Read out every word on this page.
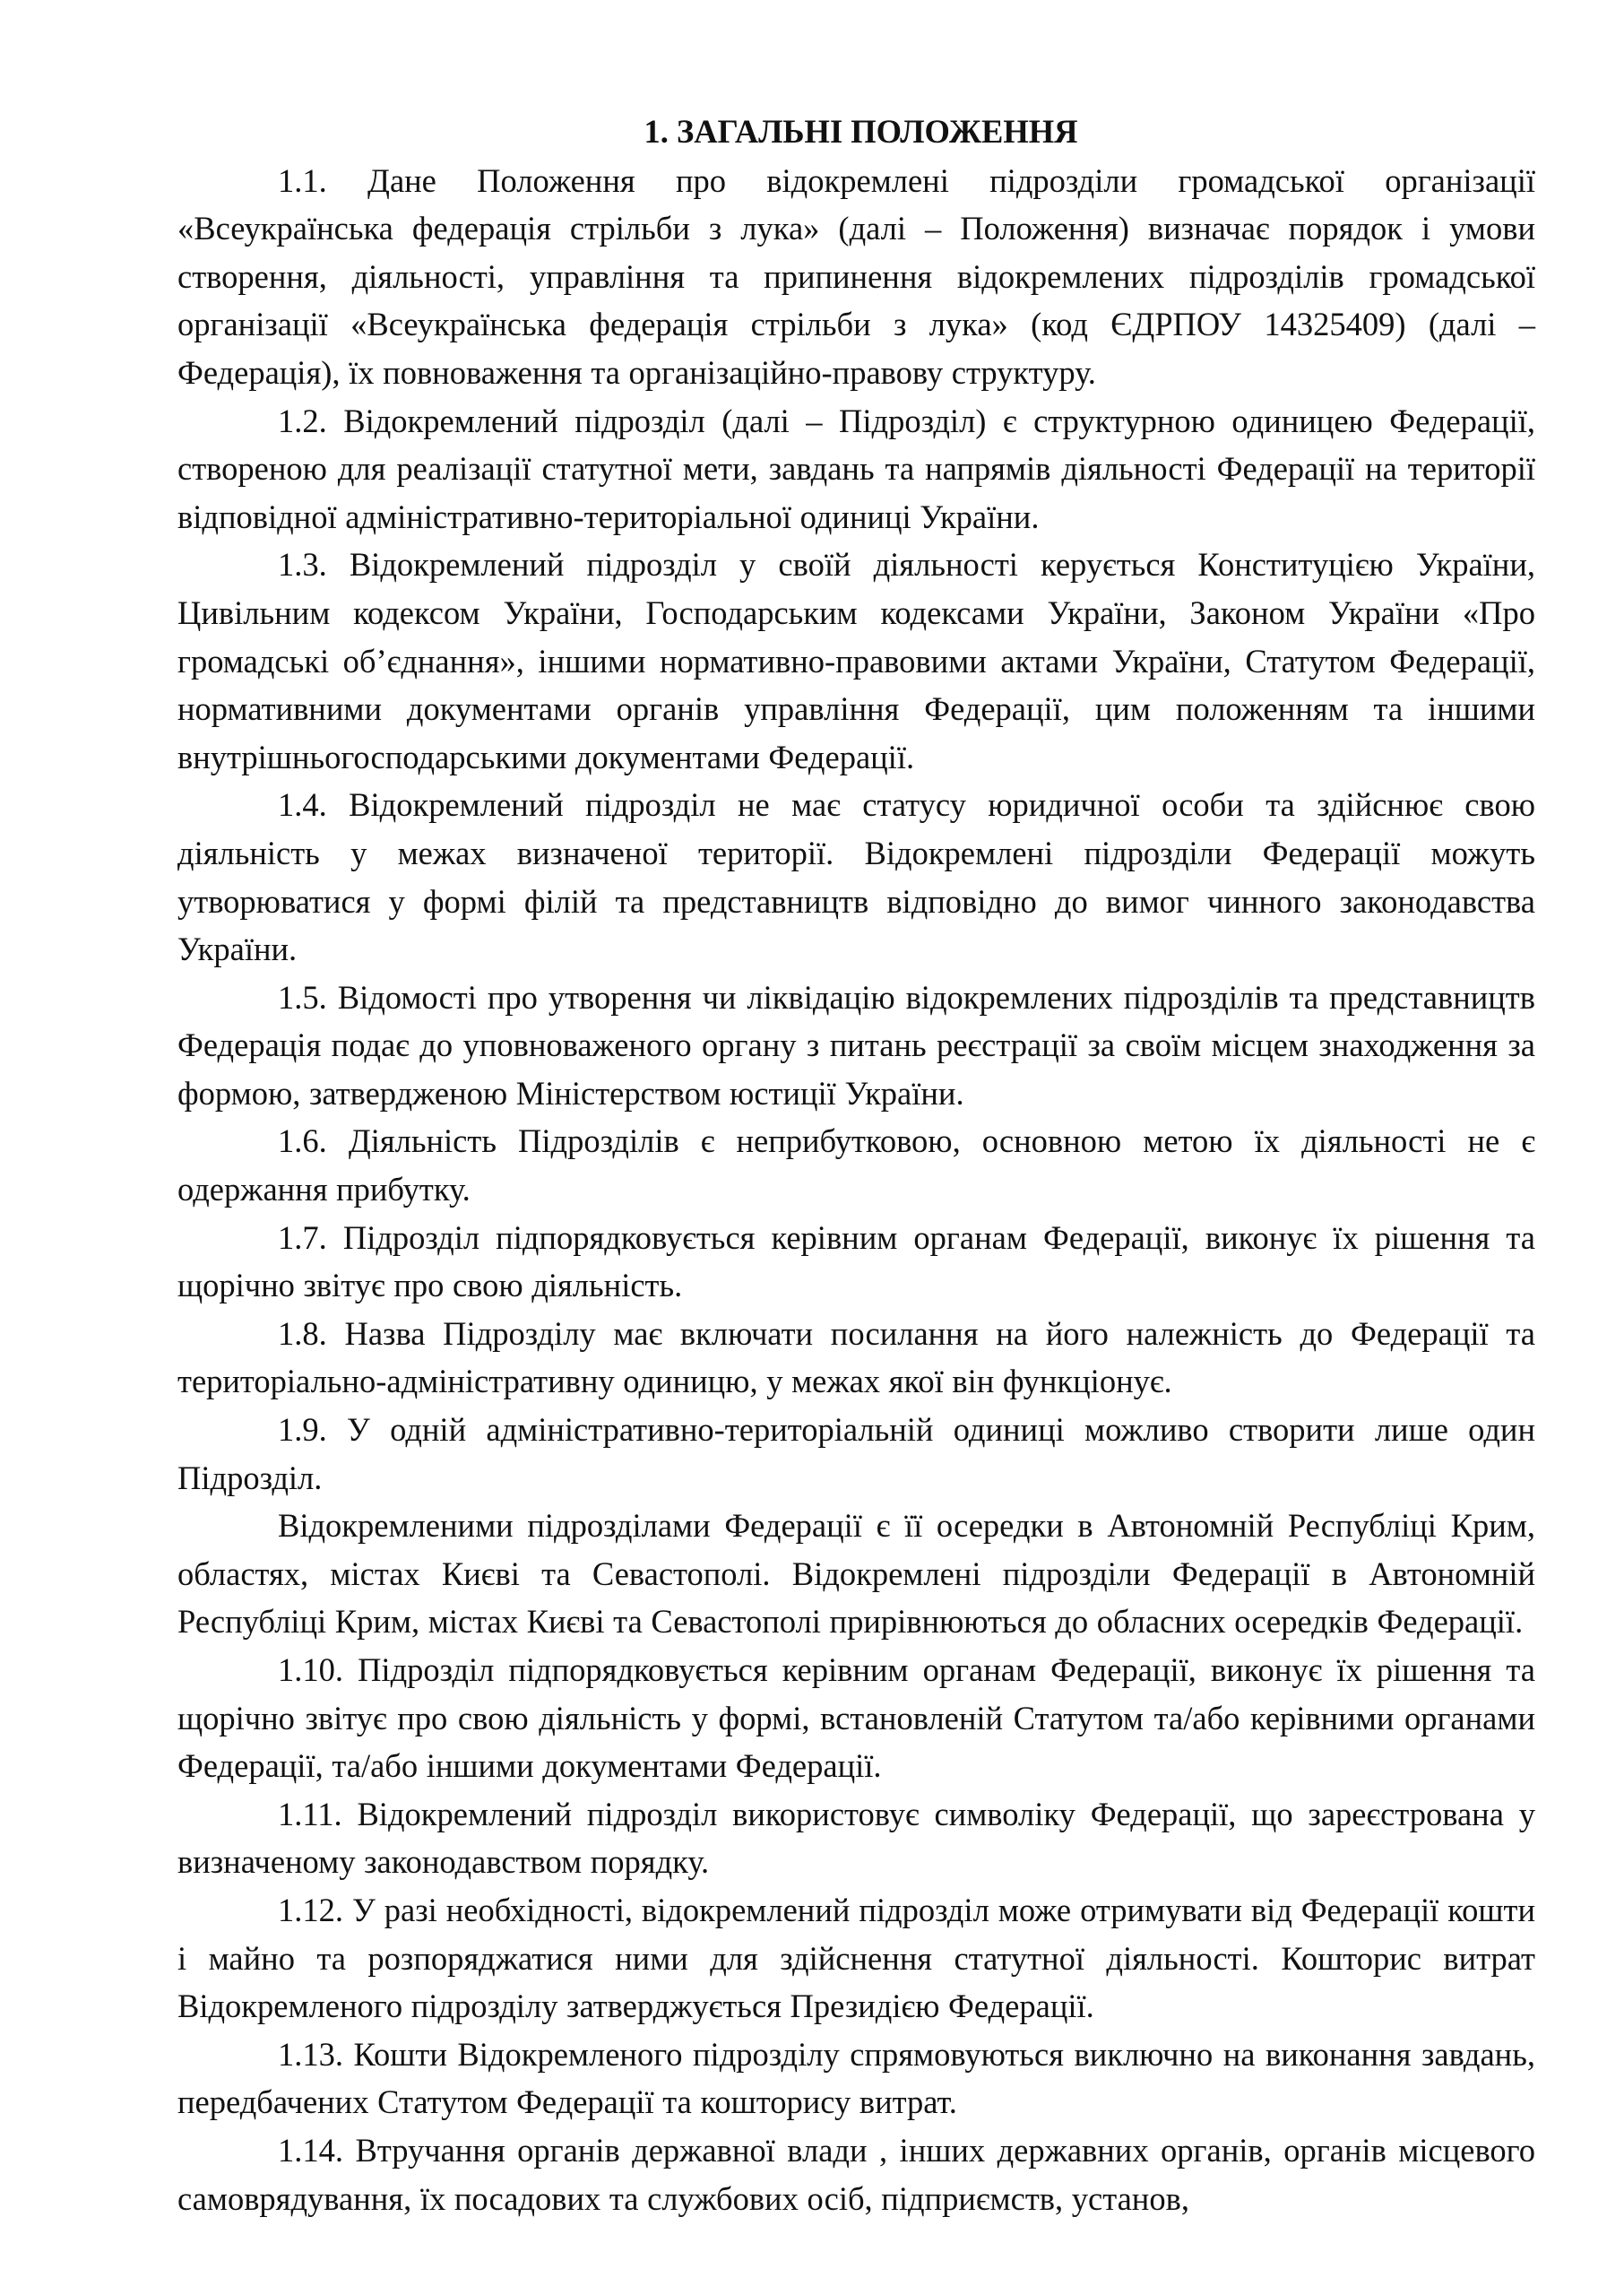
1. ЗАГАЛЬНІ ПОЛОЖЕННЯ

1.1. Дане Положення про відокремлені підрозділи громадської організації «Всеукраїнська федерація стрільби з лука» (далі – Положення) визначає порядок і умови створення, діяльності, управління та припинення відокремлених підрозділів громадської організації «Всеукраїнська федерація стрільби з лука» (код ЄДРПОУ 14325409) (далі – Федерація), їх повноваження та організаційно-правову структуру.

1.2. Відокремлений підрозділ (далі – Підрозділ) є структурною одиницею Федерації, створеною для реалізації статутної мети, завдань та напрямів діяльності Федерації на території відповідної адміністративно-територіальної одиниці України.

1.3. Відокремлений підрозділ у своїй діяльності керується Конституцією України, Цивільним кодексом України, Господарським кодексами України, Законом України «Про громадські об’єднання», іншими нормативно-правовими актами України, Статутом Федерації, нормативними документами органів управління Федерації, цим положенням та іншими внутрішньогосподарськими документами Федерації.

1.4. Відокремлений підрозділ не має статусу юридичної особи та здійснює свою діяльність у межах визначеної території. Відокремлені підрозділи Федерації можуть утворюватися у формі філій та представництв відповідно до вимог чинного законодавства України.

1.5. Відомості про утворення чи ліквідацію відокремлених підрозділів та представництв Федерація подає до уповноваженого органу з питань реєстрації за своїм місцем знаходження за формою, затвердженою Міністерством юстиції України.

1.6. Діяльність Підрозділів є неприбутковою, основною метою їх діяльності не є одержання прибутку.

1.7. Підрозділ підпорядковується керівним органам Федерації, виконує їх рішення та щорічно звітує про свою діяльність.

1.8. Назва Підрозділу має включати посилання на його належність до Федерації та територіально-адміністративну одиницю, у межах якої він функціонує.

1.9. У одній адміністративно-територіальній одиниці можливо створити лише один Підрозділ.

Відокремленими підрозділами Федерації є її осередки в Автономній Республіці Крим, областях, містах Києві та Севастополі. Відокремлені підрозділи Федерації в Автономній Республіці Крим, містах Києві та Севастополі прирівнюються до обласних осередків Федерації.

1.10. Підрозділ підпорядковується керівним органам Федерації, виконує їх рішення та щорічно звітує про свою діяльність у формі, встановленій Статутом та/або керівними органами Федерації, та/або іншими документами Федерації.

1.11. Відокремлений підрозділ використовує символіку Федерації, що зареєстрована у визначеному законодавством порядку.

1.12. У разі необхідності, відокремлений підрозділ може отримувати від Федерації кошти і майно та розпоряджатися ними для здійснення статутної діяльності. Кошторис витрат Відокремленого підрозділу затверджується Президією Федерації.

1.13. Кошти Відокремленого підрозділу спрямовуються виключно на виконання завдань, передбачених Статутом Федерації та кошторису витрат.

1.14. Втручання органів державної влади , інших державних органів, органів місцевого самоврядування, їх посадових та службових осіб, підприємств, установ,
